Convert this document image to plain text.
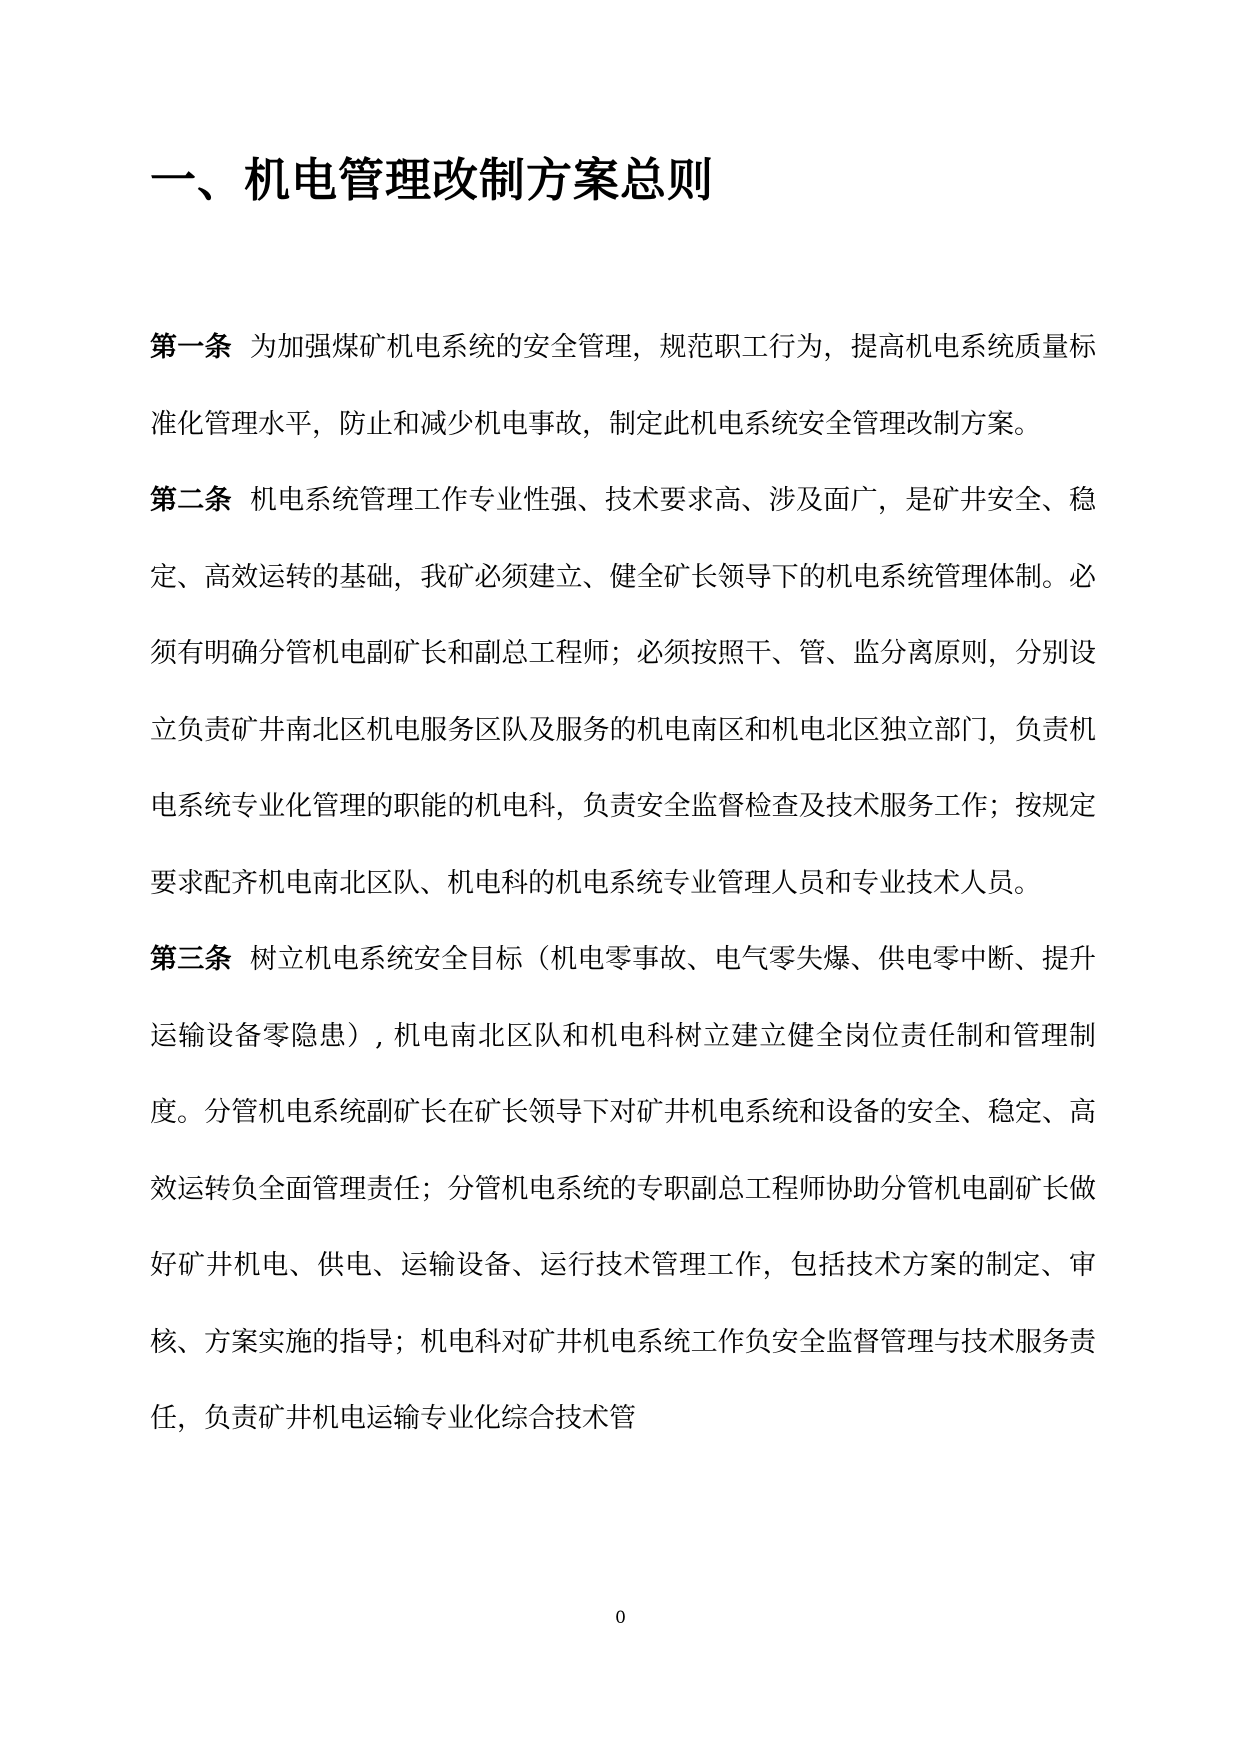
一、机电管理改制方案总则

第一条 为加强煤矿机电系统的安全管理，规范职工行为，提高机电系统质量标准化管理水平，防止和减少机电事故，制定此机电系统安全管理改制方案。

第二条 机电系统管理工作专业性强、技术要求高、涉及面广，是矿井安全、稳定、高效运转的基础，我矿必须建立、健全矿长领导下的机电系统管理体制。必须有明确分管机电副矿长和副总工程师；必须按照干、管、监分离原则，分别设立负责矿井南北区机电服务区队及服务的机电南区和机电北区独立部门，负责机电系统专业化管理的职能的机电科，负责安全监督检查及技术服务工作；按规定要求配齐机电南北区队、机电科的机电系统专业管理人员和专业技术人员。

第三条 树立机电系统安全目标（机电零事故、电气零失爆、供电零中断、提升运输设备零隐患）, 机电南北区队和机电科树立建立健全岗位责任制和管理制度。分管机电系统副矿长在矿长领导下对矿井机电系统和设备的安全、稳定、高效运转负全面管理责任；分管机电系统的专职副总工程师协助分管机电副矿长做好矿井机电、供电、运输设备、运行技术管理工作，包括技术方案的制定、审核、方案实施的指导；机电科对矿井机电系统工作负安全监督管理与技术服务责任，负责矿井机电运输专业化综合技术管

0
